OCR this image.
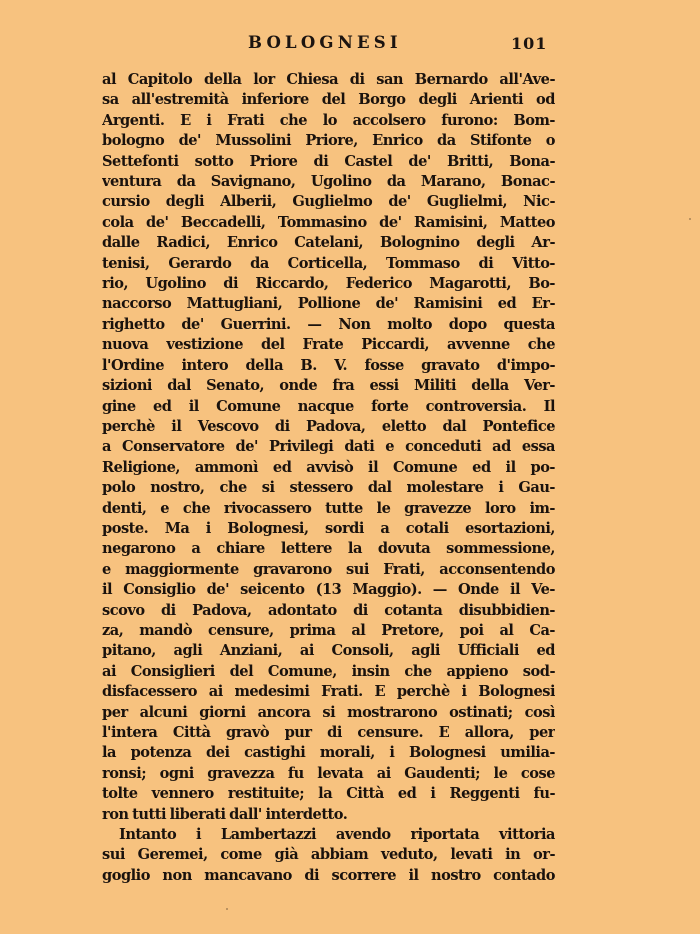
BOLOGNESI	101
al Capitolo della lor Chiesa di san Bernardo all'Ave-
sa all'estremità inferiore del Borgo degli Arienti od
Argenti. E i Frati che lo accolsero furono: Bom-
bologno de' Mussolini Priore, Enrico da Stifonte o
Settefonti sotto Priore di Castel de' Britti, Bona-
ventura da Savignano, Ugolino da Marano, Bonac-
cursio degli Alberii, Guglielmo de' Guglielmi, Nic-
cola de' Beccadelli, Tommasino de' Ramisini, Matteo
dalle Radici, Enrico Catelani, Bolognino degli Ar-
tenisi, Gerardo da Corticella, Tommaso di Vitto-
rio, Ugolino di Riccardo, Federico Magarotti, Bo-
naccorso Mattugliani, Pollione de' Ramisini ed Er-
righetto de' Guerrini. — Non molto dopo questa
nuova vestizione del Frate Piccardi, avvenne che
l'Ordine intero della B. V. fosse gravato d'impo-
sizioni dal Senato, onde fra essi Militi della Ver-
gine ed il Comune nacque forte controversia. Il
perchè il Vescovo di Padova, eletto dal Pontefice
a Conservatore de' Privilegi dati e conceduti ad essa
Religione, ammonì ed avvisò il Comune ed il po-
polo nostro, che si stessero dal molestare i Gau-
denti, e che rivocassero tutte le gravezze loro im-
poste. Ma i Bolognesi, sordi a cotali esortazioni,
negarono a chiare lettere la dovuta sommessione,
e maggiormente gravarono sui Frati, acconsentendo
il Consiglio de' seicento (13 Maggio). — Onde il Ve-
scovo di Padova, adontato di cotanta disubbidien-
za, mandò censure, prima al Pretore, poi al Ca-
pitano, agli Anziani, ai Consoli, agli Ufficiali ed
ai Consiglieri del Comune, insin che appieno sod-
disfacessero ai medesimi Frati. E perchè i Bolognesi
per alcuni giorni ancora si mostrarono ostinati; così
l'intera Città gravò pur di censure. E allora, per
la potenza dei castighi morali, i Bolognesi umilia-
ronsi; ogni gravezza fu levata ai Gaudenti; le cose
tolte vennero restituite; la Città ed i Reggenti fu-
ron tutti liberati dall' interdetto.
Intanto i Lambertazzi avendo riportata vittoria
sui Geremei, come già abbiam veduto, levati in or-
goglio non mancavano di scorrere il nostro contado
